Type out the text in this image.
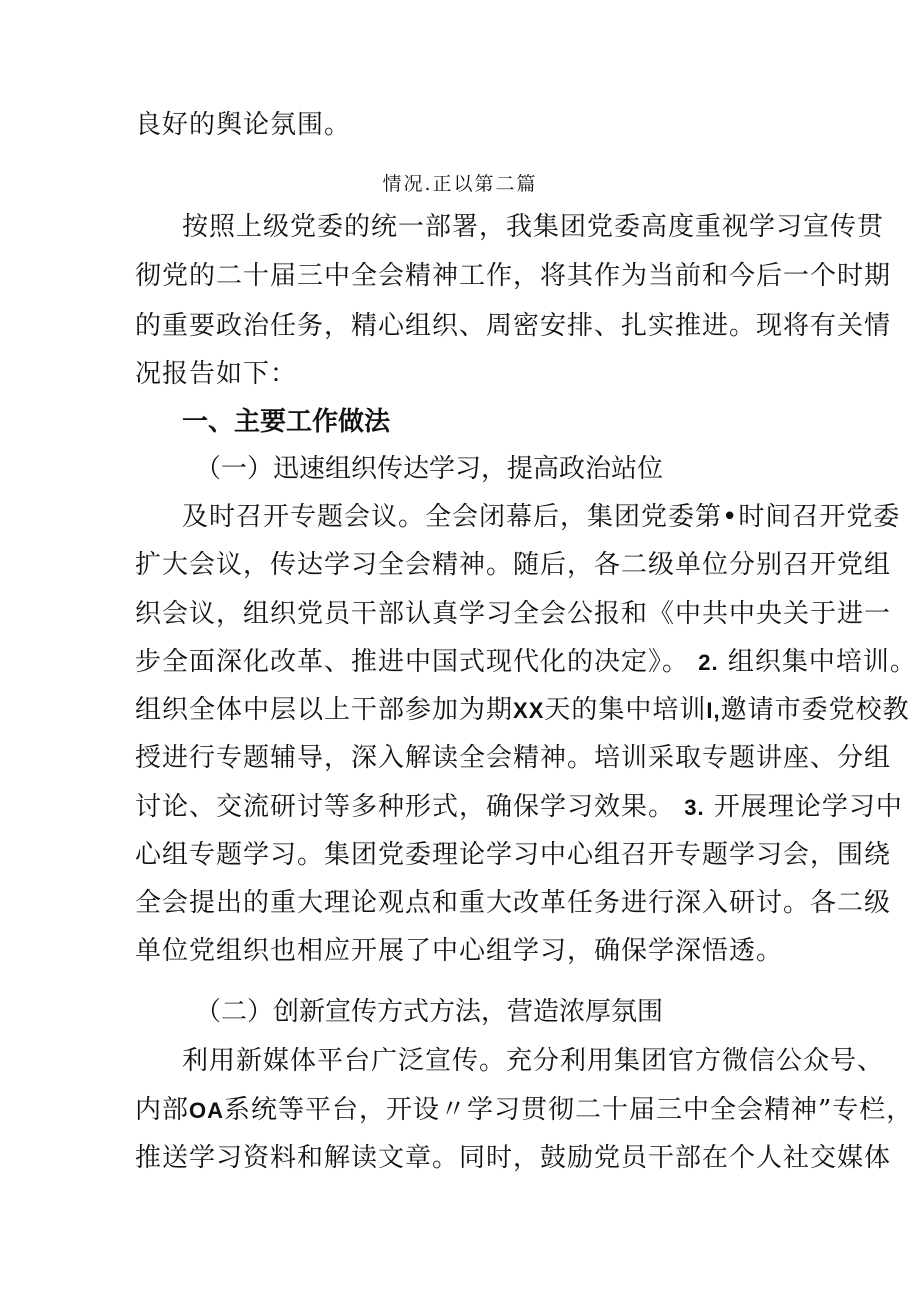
良好的舆论氛围。
情况.正以第二篇
按照上级党委的统一部署，我集团党委高度重视学习宣传贯
彻党的二十届三中全会精神工作，将其作为当前和今后一个时期
的重要政治任务，精心组织、周密安排、扎实推进。现将有关情
况报告如下：
一、主要工作做法
（一）迅速组织传达学习，提高政治站位
及时召开专题会议。全会闭幕后，集团党委第•时间召开党委
扩大会议，传达学习全会精神。随后，各二级单位分别召开党组
织会议，组织党员干部认真学习全会公报和《中共中央关于进一
步全面深化改革、推进中国式现代化的决定》。 2. 组织集中培训。
组织全体中层以上干部参加为期XX天的集中培训I,邀请市委党校教
授进行专题辅导，深入解读全会精神。培训采取专题讲座、分组
讨论、交流研讨等多种形式，确保学习效果。 3. 开展理论学习中
心组专题学习。集团党委理论学习中心组召开专题学习会，围绕
全会提出的重大理论观点和重大改革任务进行深入研讨。各二级
单位党组织也相应开展了中心组学习，确保学深悟透。
（二）创新宣传方式方法，营造浓厚氛围
利用新媒体平台广泛宣传。充分利用集团官方微信公众号、
内部OA系统等平台，开设〃学习贯彻二十届三中全会精神”专栏，
推送学习资料和解读文章。同时，鼓励党员干部在个人社交媒体
